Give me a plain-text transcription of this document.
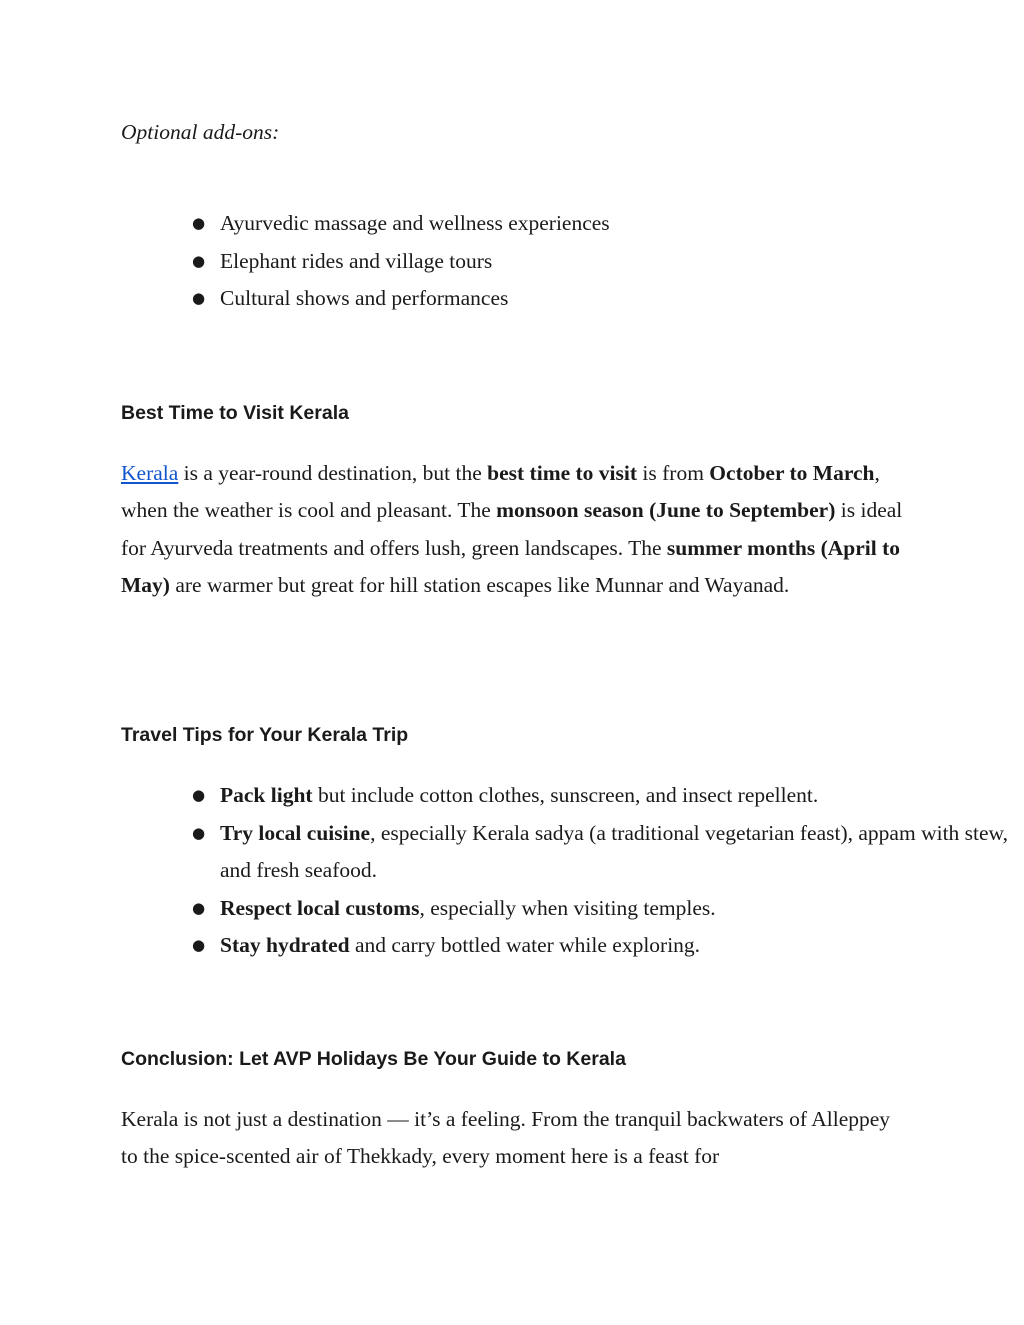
Optional add-ons:

● Ayurvedic massage and wellness experiences
● Elephant rides and village tours
● Cultural shows and performances
Best Time to Visit Kerala

Kerala is a year-round destination, but the best time to visit is from October to March, when the weather is cool and pleasant. The monsoon season (June to September) is ideal for Ayurveda treatments and offers lush, green landscapes. The summer months (April to May) are warmer but great for hill station escapes like Munnar and Wayanad.

Travel Tips for Your Kerala Trip
● Pack light but include cotton clothes, sunscreen, and insect repellent.
● Try local cuisine, especially Kerala sadya (a traditional vegetarian feast), appam with stew, and fresh seafood.
● Respect local customs, especially when visiting temples.
● Stay hydrated and carry bottled water while exploring.
Conclusion: Let AVP Holidays Be Your Guide to Kerala

Kerala is not just a destination — it’s a feeling. From the tranquil backwaters of Alleppey to the spice-scented air of Thekkady, every moment here is a feast for
